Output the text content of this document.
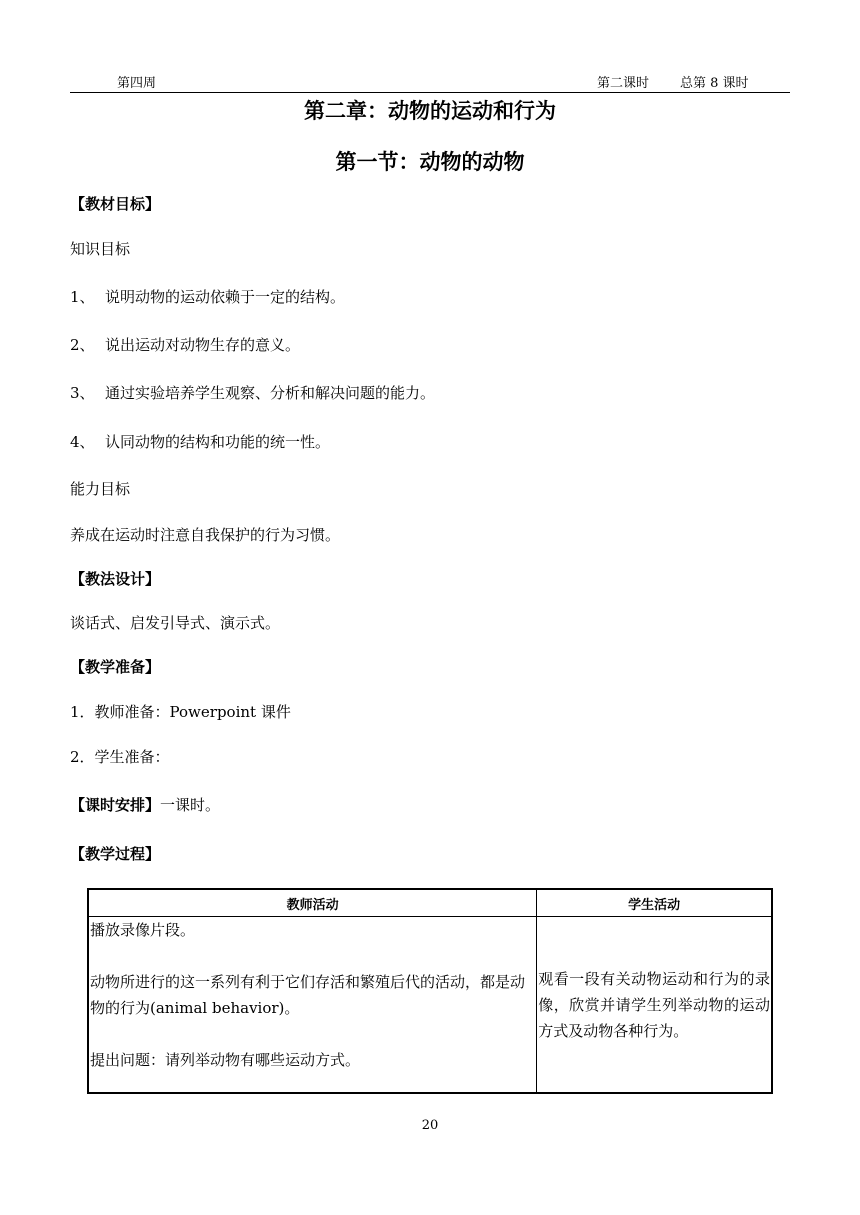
第四周	第二课时 总第 8 课时
第二章：动物的运动和行为
第一节：动物的动物
【教材目标】
知识目标
1、 说明动物的运动依赖于一定的结构。
2、 说出运动对动物生存的意义。
3、 通过实验培养学生观察、分析和解决问题的能力。
4、 认同动物的结构和功能的统一性。
能力目标
养成在运动时注意自我保护的行为习惯。
【教法设计】
谈话式、启发引导式、演示式。
【教学准备】
1．教师准备：Powerpoint 课件
2．学生准备：
【课时安排】一课时。
【教学过程】
教师活动	学生活动

播放录像片段。

动物所进行的这一系列有利于它们存活和繁殖后代的活动，都是动物的行为(animal behavior)。

提出问题：请列举动物有哪些运动方式。	观看一段有关动物运动和行为的录像，欣赏并请学生列举动物的运动方式及动物各种行为。
20
